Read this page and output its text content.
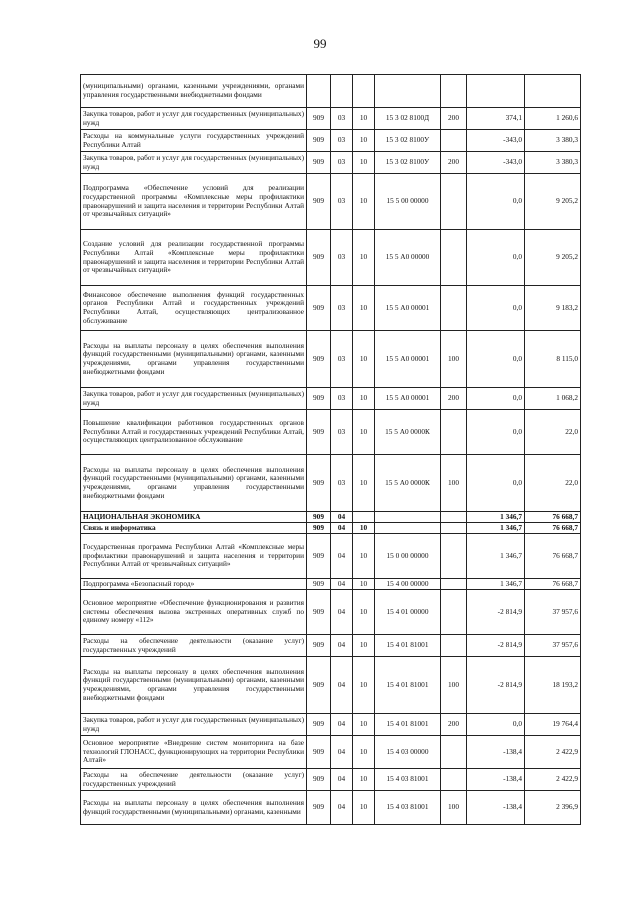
99
(муниципальными) органами, казенными учреждениями, органами управления государственными внебюджетными фондами							
Закупка товаров, работ и услуг для государственных (муниципальных) нужд	909	03	10	15 3 02 8100Д	200	374,1	1 260,6
Расходы на коммунальные услуги государственных учреждений Республики Алтай	909	03	10	15 3 02 8100У		-343,0	3 380,3
Закупка товаров, работ и услуг для государственных (муниципальных) нужд	909	03	10	15 3 02 8100У	200	-343,0	3 380,3
Подпрограмма «Обеспечение условий для реализации государственной программы «Комплексные меры профилактики правонарушений и защита населения и территории Республики Алтай от чрезвычайных ситуаций»	909	03	10	15 5 00 00000		0,0	9 205,2
Создание условий для реализации государственной программы Республики Алтай «Комплексные меры профилактики правонарушений и защита населения и территории Республики Алтай от чрезвычайных ситуаций»	909	03	10	15 5 А0 00000		0,0	9 205,2
Финансовое обеспечение выполнения функций государственных органов Республики Алтай и государственных учреждений Республики Алтай, осуществляющих централизованное обслуживание	909	03	10	15 5 А0 00001		0,0	9 183,2
Расходы на выплаты персоналу в целях обеспечения выполнения функций государственными (муниципальными) органами, казенными учреждениями, органами управления государственными внебюджетными фондами	909	03	10	15 5 А0 00001	100	0,0	8 115,0
Закупка товаров, работ и услуг для государственных (муниципальных) нужд	909	03	10	15 5 А0 00001	200	0,0	1 068,2
Повышение квалификации работников государственных органов Республики Алтай и государственных учреждений Республики Алтай, осуществляющих централизованное обслуживание	909	03	10	15 5 А0 0000К		0,0	22,0
Расходы на выплаты персоналу в целях обеспечения выполнения функций государственными (муниципальными) органами, казенными учреждениями, органами управления государственными внебюджетными фондами	909	03	10	15 5 А0 0000К	100	0,0	22,0
НАЦИОНАЛЬНАЯ ЭКОНОМИКА	909	04				1 346,7	76 668,7
Связь и информатика	909	04	10			1 346,7	76 668,7
Государственная программа Республики Алтай «Комплексные меры профилактики правонарушений и защита населения и территории Республики Алтай от чрезвычайных ситуаций»	909	04	10	15 0 00 00000		1 346,7	76 668,7
Подпрограмма «Безопасный город»	909	04	10	15 4 00 00000		1 346,7	76 668,7
Основное мероприятие «Обеспечение функционирования и развития системы обеспечения вызова экстренных оперативных служб по единому номеру «112»	909	04	10	15 4 01 00000		-2 814,9	37 957,6
Расходы на обеспечение деятельности (оказание услуг) государственных учреждений	909	04	10	15 4 01 81001		-2 814,9	37 957,6
Расходы на выплаты персоналу в целях обеспечения выполнения функций государственными (муниципальными) органами, казенными учреждениями, органами управления государственными внебюджетными фондами	909	04	10	15 4 01 81001	100	-2 814,9	18 193,2
Закупка товаров, работ и услуг для государственных (муниципальных) нужд	909	04	10	15 4 01 81001	200	0,0	19 764,4
Основное мероприятие «Внедрение систем мониторинга на базе технологий ГЛОНАСС, функционирующих на территории Республики Алтай»	909	04	10	15 4 03 00000		-138,4	2 422,9
Расходы на обеспечение деятельности (оказание услуг) государственных учреждений	909	04	10	15 4 03 81001		-138,4	2 422,9
Расходы на выплаты персоналу в целях обеспечения выполнения функций государственными (муниципальными) органами, казенными	909	04	10	15 4 03 81001	100	-138,4	2 396,9
